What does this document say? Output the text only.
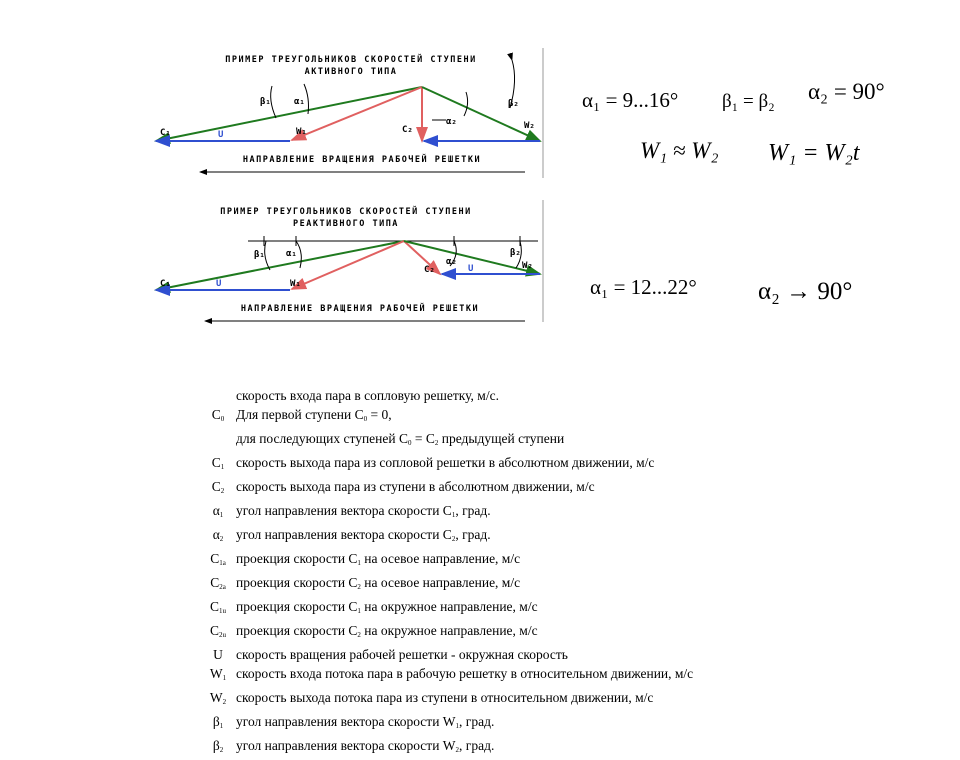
ПРИМЕР ТРЕУГОЛЬНИКОВ СКОРОСТЕЙ СТУПЕНИ
АКТИВНОГО ТИПА
C₁	U	W₁
β₁	α₁
C₂
α₂
β₂
W₂
НАПРАВЛЕНИЕ ВРАЩЕНИЯ РАБОЧЕЙ РЕШЕТКИ
ПРИМЕР ТРЕУГОЛЬНИКОВ СКОРОСТЕЙ СТУПЕНИ
РЕАКТИВНОГО ТИПА
C₁	U	W₁
β₁ α₁
C₂
α₂
U
β₂
W₂
НАПРАВЛЕНИЕ ВРАЩЕНИЯ РАБОЧЕЙ РЕШЕТКИ
α₁ = 9...16° β₁ = β₂ α₂ = 90°
W₁ ≈ W₂ W₁ = W₂t
α₁ = 12...22° α₂ → 90°
скорость входа пара в сопловую решетку, м/с.
$C_0$ Для первой ступени $C_0 = 0$,
для последующих ступеней $C_0 = C_2$ предыдущей ступени
$C_1$ скорость выхода пара из сопловой решетки в абсолютном движении, м/с
$C_2$ скорость выхода пара из ступени в абсолютном движении, м/с
$\alpha_1$ угол направления вектора скорости $C_1$, град.
$\alpha_2$ угол направления вектора скорости $C_2$, град.
$C_{1a}$ проекция скорости $C_1$ на осевое направление, м/с
$C_{2a}$ проекция скорости $C_2$ на осевое направление, м/с
$C_{1u}$ проекция скорости $C_1$ на окружное направление, м/с
$C_{2u}$ проекция скорости $C_2$ на окружное направление, м/с
U скорость вращения рабочей решетки - окружная скорость
$W_1$ скорость входа потока пара в рабочую решетку в относительном движении, м/с
$W_2$ скорость выхода потока пара из ступени в относительном движении, м/с
$\beta_1$ угол направления вектора скорости $W_1$, град.
$\beta_2$ угол направления вектора скорости $W_2$, град.
